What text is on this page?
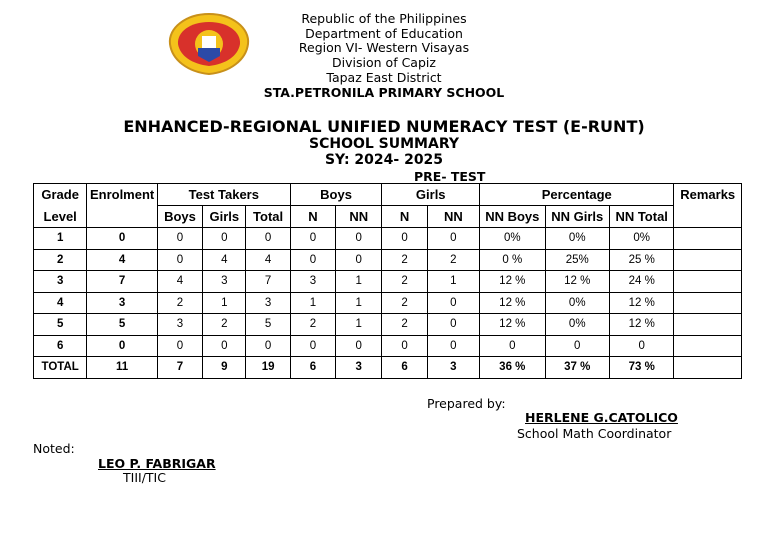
Republic of the Philippines
Department of Education
Region VI- Western Visayas
Division of Capiz
Tapaz East District
STA.PETRONILA PRIMARY SCHOOL
ENHANCED-REGIONAL UNIFIED NUMERACY TEST (E-RUNT)
SCHOOL SUMMARY
SY: 2024- 2025
PRE- TEST
Grade	Enrolment	Test Takers			Boys		Girls		Percentage			Remarks
Level		Boys	Girls	Total	N	NN	N	NN	NN Boys	NN Girls	NN Total	
1	0	0	0	0	0	0	0	0	0%	0%	0%	
2	4	0	4	4	0	0	2	2	0 %	25%	25 %	
3	7	4	3	7	3	1	2	1	12 %	12 %	24 %	
4	3	2	1	3	1	1	2	0	12 %	0%	12 %	
5	5	3	2	5	2	1	2	0	12 %	0%	12 %	
6	0	0	0	0	0	0	0	0	0	0	0	
TOTAL	11	7	9	19	6	3	6	3	36 %	37 %	73 %	
Prepared by:
HERLENE G.CATOLICO
School Math Coordinator
Noted:
LEO P. FABRIGAR
TIII/TIC
